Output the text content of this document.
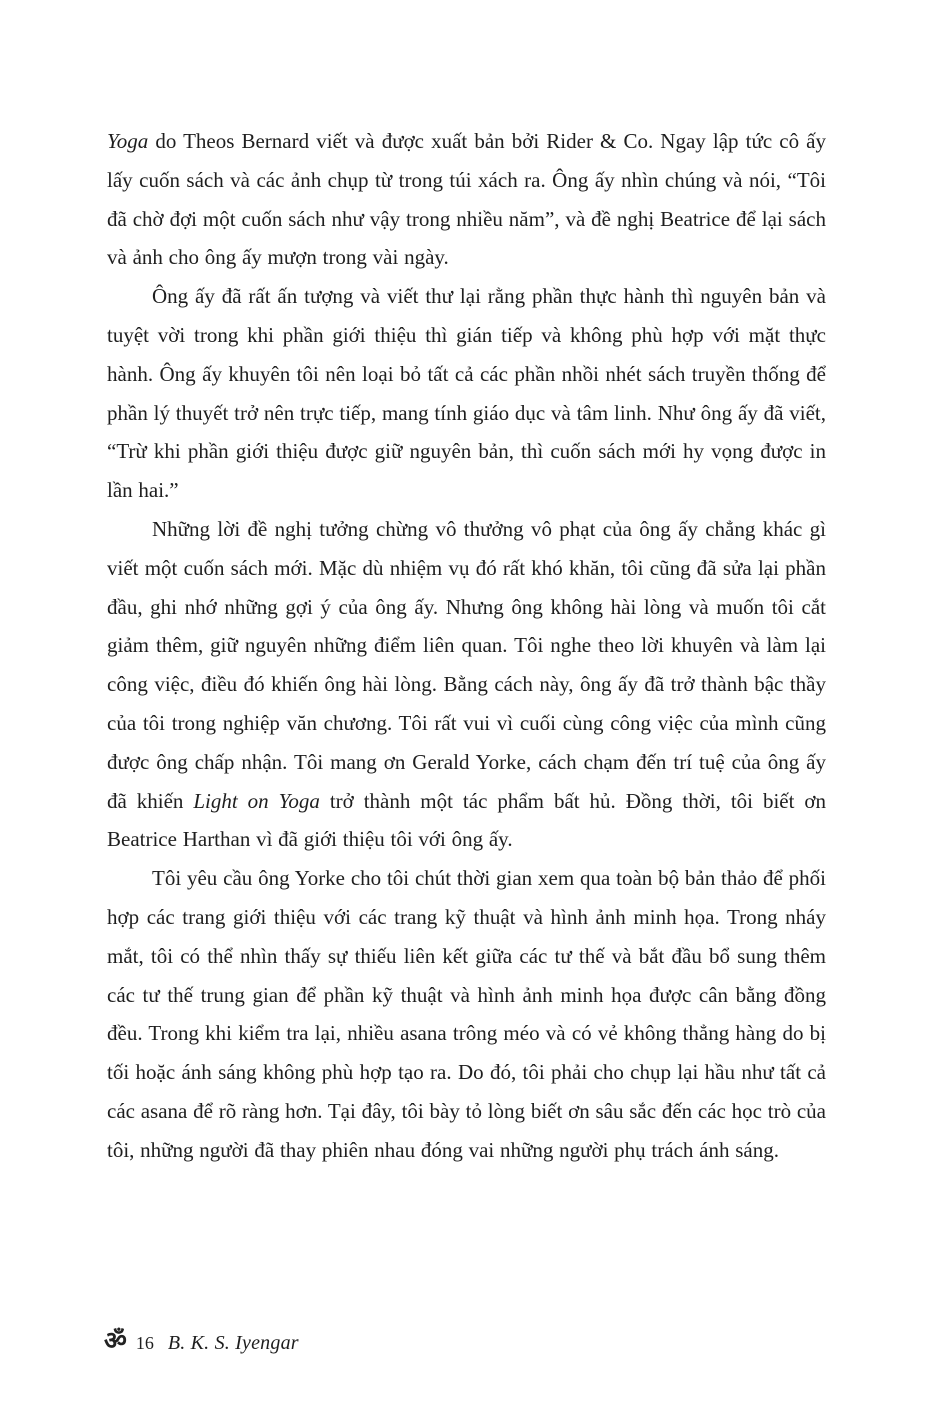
Yoga do Theos Bernard viết và được xuất bản bởi Rider & Co. Ngay lập tức cô ấy lấy cuốn sách và các ảnh chụp từ trong túi xách ra. Ông ấy nhìn chúng và nói, “Tôi đã chờ đợi một cuốn sách như vậy trong nhiều năm”, và đề nghị Beatrice để lại sách và ảnh cho ông ấy mượn trong vài ngày.

Ông ấy đã rất ấn tượng và viết thư lại rằng phần thực hành thì nguyên bản và tuyệt vời trong khi phần giới thiệu thì gián tiếp và không phù hợp với mặt thực hành. Ông ấy khuyên tôi nên loại bỏ tất cả các phần nhồi nhét sách truyền thống để phần lý thuyết trở nên trực tiếp, mang tính giáo dục và tâm linh. Như ông ấy đã viết, “Trừ khi phần giới thiệu được giữ nguyên bản, thì cuốn sách mới hy vọng được in lần hai.”

Những lời đề nghị tưởng chừng vô thưởng vô phạt của ông ấy chẳng khác gì viết một cuốn sách mới. Mặc dù nhiệm vụ đó rất khó khăn, tôi cũng đã sửa lại phần đầu, ghi nhớ những gợi ý của ông ấy. Nhưng ông không hài lòng và muốn tôi cắt giảm thêm, giữ nguyên những điểm liên quan. Tôi nghe theo lời khuyên và làm lại công việc, điều đó khiến ông hài lòng. Bằng cách này, ông ấy đã trở thành bậc thầy của tôi trong nghiệp văn chương. Tôi rất vui vì cuối cùng công việc của mình cũng được ông chấp nhận. Tôi mang ơn Gerald Yorke, cách chạm đến trí tuệ của ông ấy đã khiến Light on Yoga trở thành một tác phẩm bất hủ. Đồng thời, tôi biết ơn Beatrice Harthan vì đã giới thiệu tôi với ông ấy.

Tôi yêu cầu ông Yorke cho tôi chút thời gian xem qua toàn bộ bản thảo để phối hợp các trang giới thiệu với các trang kỹ thuật và hình ảnh minh họa. Trong nháy mắt, tôi có thể nhìn thấy sự thiếu liên kết giữa các tư thế và bắt đầu bổ sung thêm các tư thế trung gian để phần kỹ thuật và hình ảnh minh họa được cân bằng đồng đều. Trong khi kiểm tra lại, nhiều asana trông méo và có vẻ không thẳng hàng do bị tối hoặc ánh sáng không phù hợp tạo ra. Do đó, tôi phải cho chụp lại hầu như tất cả các asana để rõ ràng hơn. Tại đây, tôi bày tỏ lòng biết ơn sâu sắc đến các học trò của tôi, những người đã thay phiên nhau đóng vai những người phụ trách ánh sáng.

ॐ 16 B. K. S. Iyengar
